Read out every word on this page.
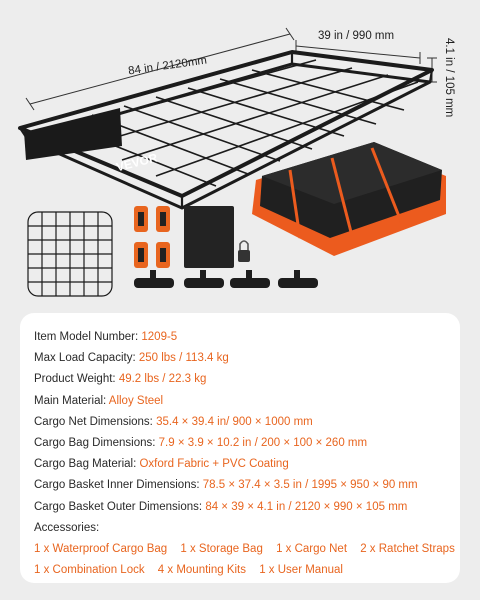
VEVOR
84 in / 2120mm
39 in / 990 mm
4.1 in / 105 mm
Item Model Number: 1209-5
Max Load Capacity: 250 lbs / 113.4 kg
Product Weight: 49.2 lbs / 22.3 kg
Main Material: Alloy Steel
Cargo Net Dimensions: 35.4 × 39.4 in/ 900 × 1000 mm
Cargo Bag Dimensions: 7.9 × 3.9 × 10.2 in / 200 × 100 × 260 mm
Cargo Bag Material: Oxford Fabric + PVC Coating
Cargo Basket Inner Dimensions: 78.5 × 37.4 × 3.5 in / 1995 × 950 × 90 mm
Cargo Basket Outer Dimensions: 84 × 39 × 4.1 in / 2120 × 990 × 105 mm
Accessories:
1 x Waterproof Cargo Bag 1 x Storage Bag 1 x Cargo Net 2 x Ratchet Straps
1 x Combination Lock 4 x Mounting Kits 1 x User Manual
